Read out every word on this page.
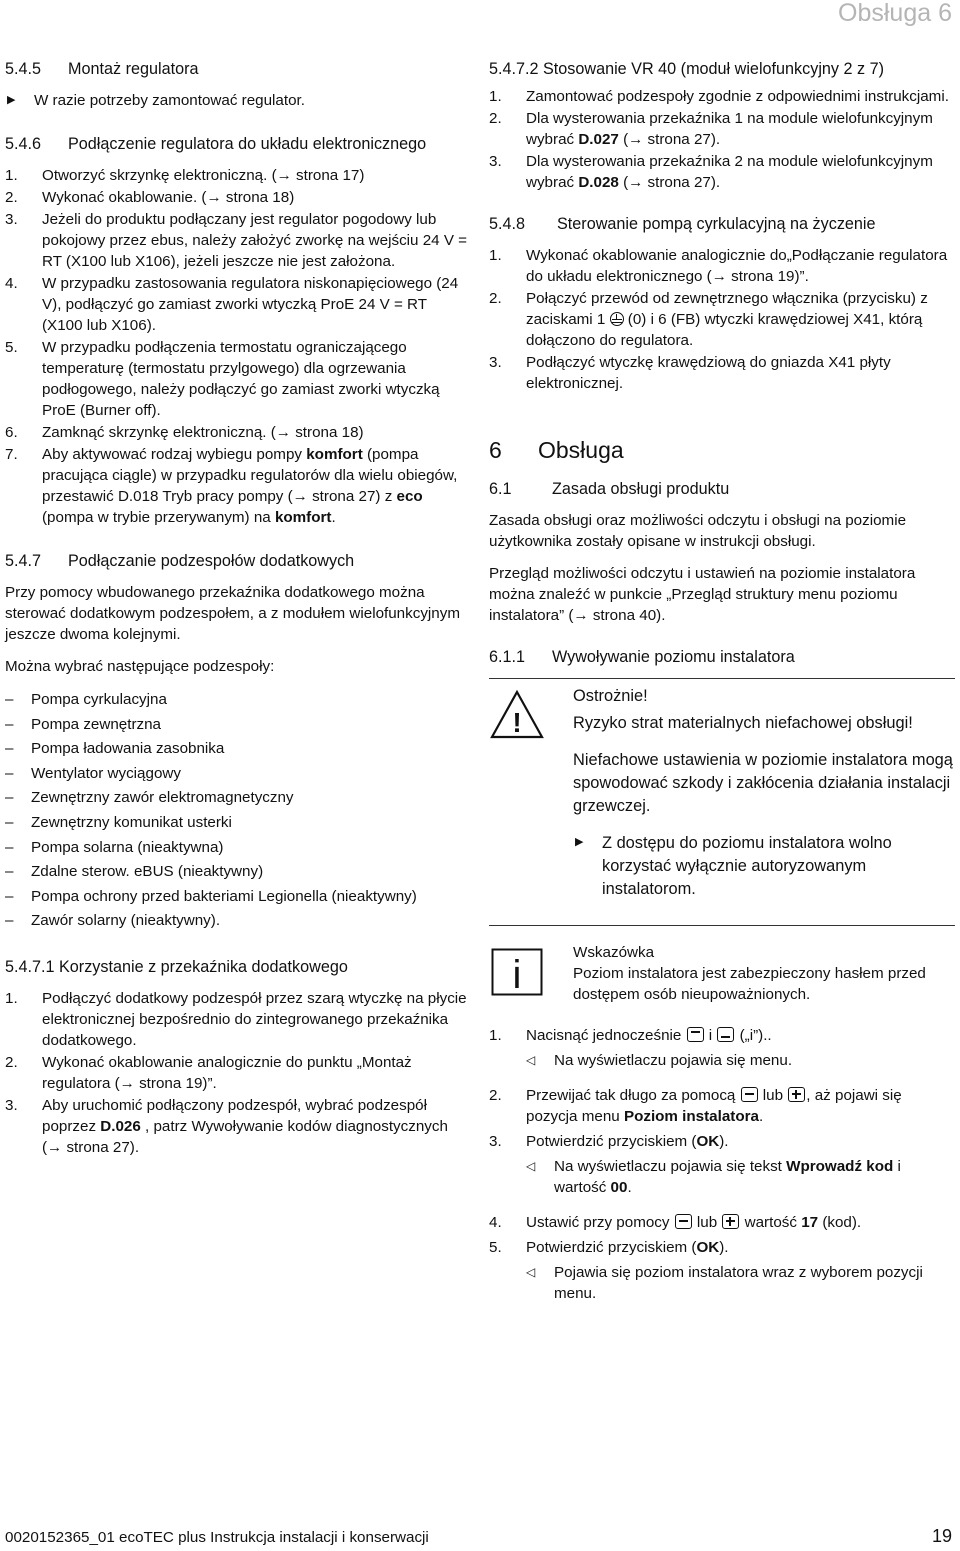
Obsługa 6
5.4.5	Montaż regulatora
▶	W razie potrzeby zamontować regulator.
5.4.6	Podłączenie regulatora do układu elektronicznego
1.	Otworzyć skrzynkę elektroniczną. (→ strona 17)
2.	Wykonać okablowanie. (→ strona 18)
3.	Jeżeli do produktu podłączany jest regulator pogodowy lub pokojowy przez ebus, należy założyć zworkę na wejściu 24 V = RT (X100 lub X106), jeżeli jeszcze nie jest założona.
4.	W przypadku zastosowania regulatora niskonapięciowego (24 V), podłączyć go zamiast zworki wtyczką ProE 24 V = RT (X100 lub X106).
5.	W przypadku podłączenia termostatu ograniczającego temperaturę (termostatu przylgowego) dla ogrzewania podłogowego, należy podłączyć go zamiast zworki wtyczką ProE (Burner off).
6.	Zamknąć skrzynkę elektroniczną. (→ strona 18)
7.	Aby aktywować rodzaj wybiegu pompy komfort (pompa pracująca ciągle) w przypadku regulatorów dla wielu obiegów, przestawić D.018 Tryb pracy pompy (→ strona 27) z eco (pompa w trybie przerywanym) na komfort.
5.4.7	Podłączanie podzespołów dodatkowych
Przy pomocy wbudowanego przekaźnika dodatkowego można sterować dodatkowym podzespołem, a z modułem wielofunkcyjnym jeszcze dwoma kolejnymi.
Można wybrać następujące podzespoły:
–	Pompa cyrkulacyjna
–	Pompa zewnętrzna
–	Pompa ładowania zasobnika
–	Wentylator wyciągowy
–	Zewnętrzny zawór elektromagnetyczny
–	Zewnętrzny komunikat usterki
–	Pompa solarna (nieaktywna)
–	Zdalne sterow. eBUS (nieaktywny)
–	Pompa ochrony przed bakteriami Legionella (nieaktywny)
–	Zawór solarny (nieaktywny).
5.4.7.1 Korzystanie z przekaźnika dodatkowego
1.	Podłączyć dodatkowy podzespół przez szarą wtyczkę na płycie elektronicznej bezpośrednio do zintegrowanego przekaźnika dodatkowego.
2.	Wykonać okablowanie analogicznie do punktu „Montaż regulatora (→ strona 19)”.
3.	Aby uruchomić podłączony podzespół, wybrać podzespół poprzez D.026 , patrz Wywoływanie kodów diagnostycznych (→ strona 27).
5.4.7.2 Stosowanie VR 40 (moduł wielofunkcyjny 2 z 7)
1.	Zamontować podzespoły zgodnie z odpowiednimi instrukcjami.
2.	Dla wysterowania przekaźnika 1 na module wielofunkcyjnym wybrać D.027 (→ strona 27).
3.	Dla wysterowania przekaźnika 2 na module wielofunkcyjnym wybrać D.028 (→ strona 27).
5.4.8	Sterowanie pompą cyrkulacyjną na życzenie
1.	Wykonać okablowanie analogicznie do„Podłączanie regulatora do układu elektronicznego (→ strona 19)”.
2.	Połączyć przewód od zewnętrznego włącznika (przycisku) z zaciskami 1  (0) i 6 (FB) wtyczki krawędziowej X41, którą dołączono do regulatora.
3.	Podłączyć wtyczkę krawędziową do gniazda X41 płyty elektronicznej.
6	Obsługa
6.1	Zasada obsługi produktu
Zasada obsługi oraz możliwości odczytu i obsługi na poziomie użytkownika zostały opisane w instrukcji obsługi.
Przegląd możliwości odczytu i ustawień na poziomie instalatora można znaleźć w punkcie „Przegląd struktury menu poziomu instalatora” (→ strona 40).
6.1.1	Wywoływanie poziomu instalatora
!
Ostrożnie!
Ryzyko strat materialnych niefachowej obsługi!
Niefachowe ustawienia w poziomie instalatora mogą spowodować szkody i zakłócenia działania instalacji grzewczej.
▶	Z dostępu do poziomu instalatora wolno korzystać wyłącznie autoryzowanym instalatorom.
i
Wskazówka
Poziom instalatora jest zabezpieczony hasłem przed dostępem osób nieupoważnionych.
1.	Nacisnąć jednocześnie
i
(„i”)..
◁	Na wyświetlaczu pojawia się menu.
2.	Przewijać tak długo za pomocą
lub
, aż pojawi się pozycja menu Poziom instalatora.
3.	Potwierdzić przyciskiem (OK).
◁	Na wyświetlaczu pojawia się tekst Wprowadź kod i wartość 00.
4.	Ustawić przy pomocy
lub
wartość 17 (kod).
5.	Potwierdzić przyciskiem (OK).
◁	Pojawia się poziom instalatora wraz z wyborem pozycji menu.
0020152365_01 ecoTEC plus Instrukcja instalacji i konserwacji	19
